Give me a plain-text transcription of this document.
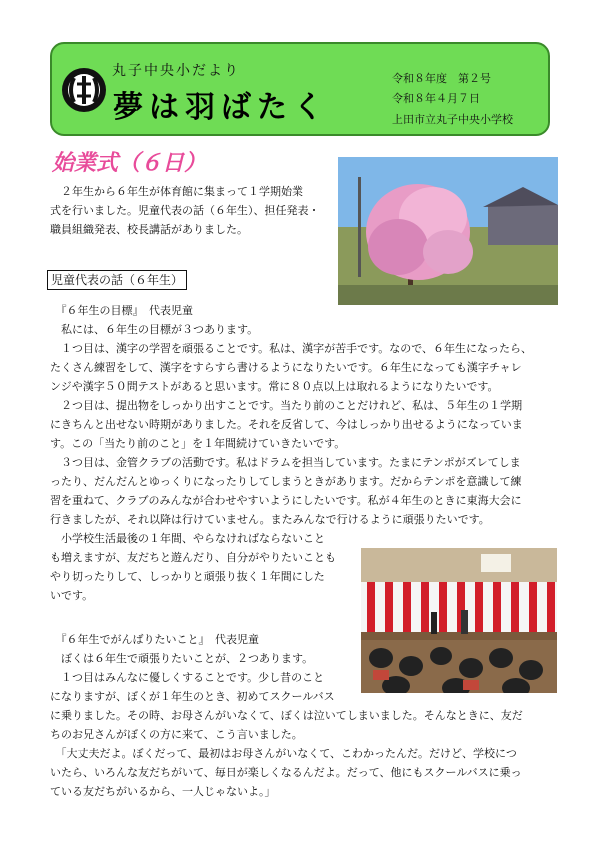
丸子中央小だより
夢は羽ばたく
令和８年度　第２号
令和８年４月７日
上田市立丸子中央小学校
始業式（６日）
　２年生から６年生が体育館に集まって１学期始業
式を行いました。児童代表の話（６年生）、担任発表・
職員組織発表、校長講話がありました。
児童代表の話（６年生）
　『６年生の目標』　代表児童
　私には、６年生の目標が３つあります。
　１つ目は、漢字の学習を頑張ることです。私は、漢字が苦手です。なので、６年生になったら、
たくさん練習をして、漢字をすらすら書けるようになりたいです。６年生になっても漢字チャレ
ンジや漢字５０問テストがあると思います。常に８０点以上は取れるようになりたいです。
　２つ目は、提出物をしっかり出すことです。当たり前のことだけれど、私は、５年生の１学期
にきちんと出せない時期がありました。それを反省して、今はしっかり出せるようになっていま
す。この「当たり前のこと」を１年間続けていきたいです。
　３つ目は、金管クラブの活動です。私はドラムを担当しています。たまにテンポがズレてしま
ったり、だんだんとゆっくりになったりしてしまうときがあります。だからテンポを意識して練
習を重ねて、クラブのみんなが合わせやすいようにしたいです。私が４年生のときに東海大会に
行きましたが、それ以降は行けていません。またみんなで行けるように頑張りたいです。
　小学校生活最後の１年間、やらなければならないこと
も増えますが、友だちと遊んだり、自分がやりたいことも
やり切ったりして、しっかりと頑張り抜く１年間にした
いです。
　『６年生でがんばりたいこと』　代表児童
　ぼくは６年生で頑張りたいことが、２つあります。
　１つ目はみんなに優しくすることです。少し昔のこと
になりますが、ぼくが１年生のとき、初めてスクールバス
に乗りました。その時、お母さんがいなくて、ぼくは泣いてしまいました。そんなときに、友だ
ちのお兄さんがぼくの方に来て、こう言いました。
　「大丈夫だよ。ぼくだって、最初はお母さんがいなくて、こわかったんだ。だけど、学校につ
いたら、いろんな友だちがいて、毎日が楽しくなるんだよ。だって、他にもスクールバスに乗っ
ている友だちがいるから、一人じゃないよ。」
